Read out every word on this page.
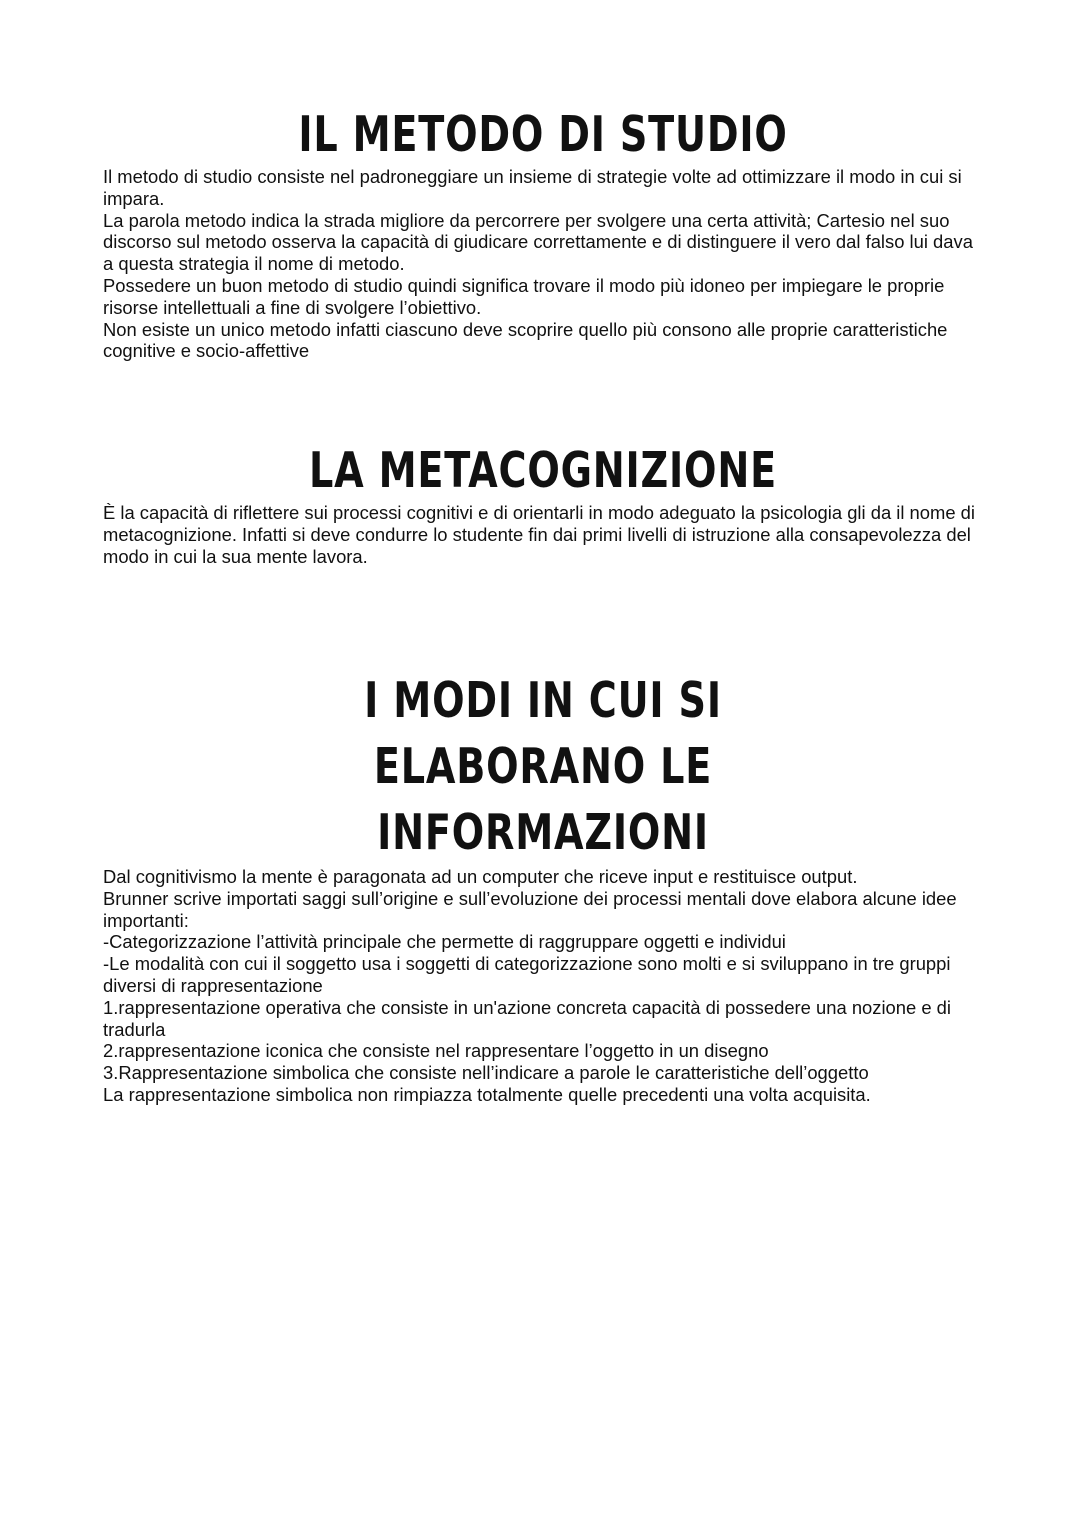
IL METODO DI STUDIO

Il metodo di studio consiste nel padroneggiare un insieme di strategie volte ad ottimizzare il modo in cui si impara.

La parola metodo indica la strada migliore da percorrere per svolgere una certa attività; Cartesio nel suo discorso sul metodo osserva la capacità di giudicare correttamente e di distinguere il vero dal falso lui dava a questa strategia il nome di metodo.

Possedere un buon metodo di studio quindi significa trovare il modo più idoneo per impiegare le proprie risorse intellettuali a fine di svolgere l’obiettivo.

Non esiste un unico metodo infatti ciascuno deve scoprire quello più consono alle proprie caratteristiche cognitive e socio-affettive

LA METACOGNIZIONE

È la capacità di riflettere sui processi cognitivi e di orientarli in modo adeguato la psicologia gli da il nome di metacognizione. Infatti si deve condurre lo studente fin dai primi livelli di istruzione alla consapevolezza del modo in cui la sua mente lavora.

I MODI IN CUI SI ELABORANO LE INFORMAZIONI

Dal cognitivismo la mente è paragonata ad un computer che riceve input e restituisce output.

Brunner scrive importati saggi sull’origine e sull’evoluzione dei processi mentali dove elabora alcune idee importanti:

-Categorizzazione l’attività principale che permette di raggruppare oggetti e individui

-Le modalità con cui il soggetto usa i soggetti di categorizzazione sono molti e si sviluppano in tre gruppi diversi di rappresentazione

1.rappresentazione operativa che consiste in un'azione concreta capacità di possedere una nozione e di tradurla

2.rappresentazione iconica che consiste nel rappresentare l’oggetto in un disegno

3.Rappresentazione simbolica che consiste nell’indicare a parole le caratteristiche dell’oggetto

La rappresentazione simbolica non rimpiazza totalmente quelle precedenti una volta acquisita.
